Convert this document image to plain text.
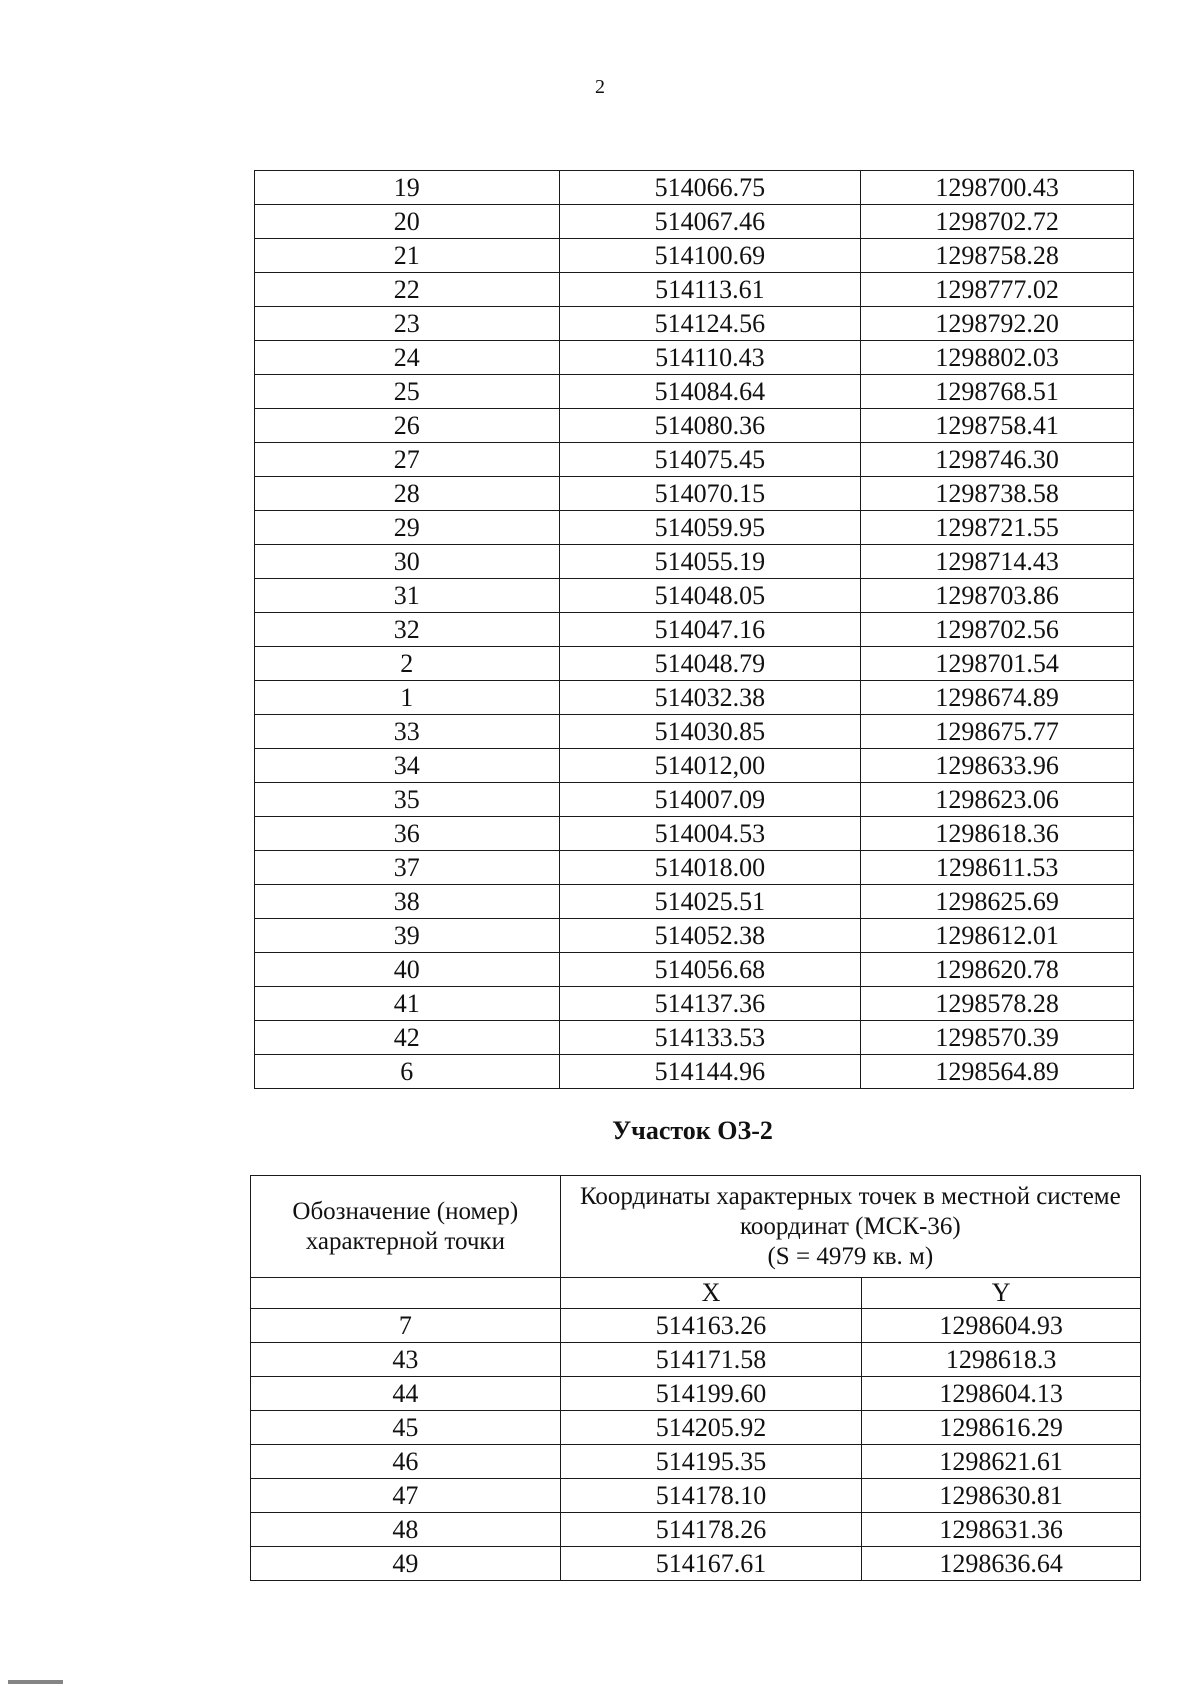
2
19	514066.75	1298700.43
20	514067.46	1298702.72
21	514100.69	1298758.28
22	514113.61	1298777.02
23	514124.56	1298792.20
24	514110.43	1298802.03
25	514084.64	1298768.51
26	514080.36	1298758.41
27	514075.45	1298746.30
28	514070.15	1298738.58
29	514059.95	1298721.55
30	514055.19	1298714.43
31	514048.05	1298703.86
32	514047.16	1298702.56
2	514048.79	1298701.54
1	514032.38	1298674.89
33	514030.85	1298675.77
34	514012,00	1298633.96
35	514007.09	1298623.06
36	514004.53	1298618.36
37	514018.00	1298611.53
38	514025.51	1298625.69
39	514052.38	1298612.01
40	514056.68	1298620.78
41	514137.36	1298578.28
42	514133.53	1298570.39
6	514144.96	1298564.89
Участок ОЗ-2
Обозначение (номер) характерной точки	Координаты характерных точек в местной системе координат (МСК-36)
(S = 4979 кв. м)	
	X	Y
7	514163.26	1298604.93
43	514171.58	1298618.3
44	514199.60	1298604.13
45	514205.92	1298616.29
46	514195.35	1298621.61
47	514178.10	1298630.81
48	514178.26	1298631.36
49	514167.61	1298636.64
